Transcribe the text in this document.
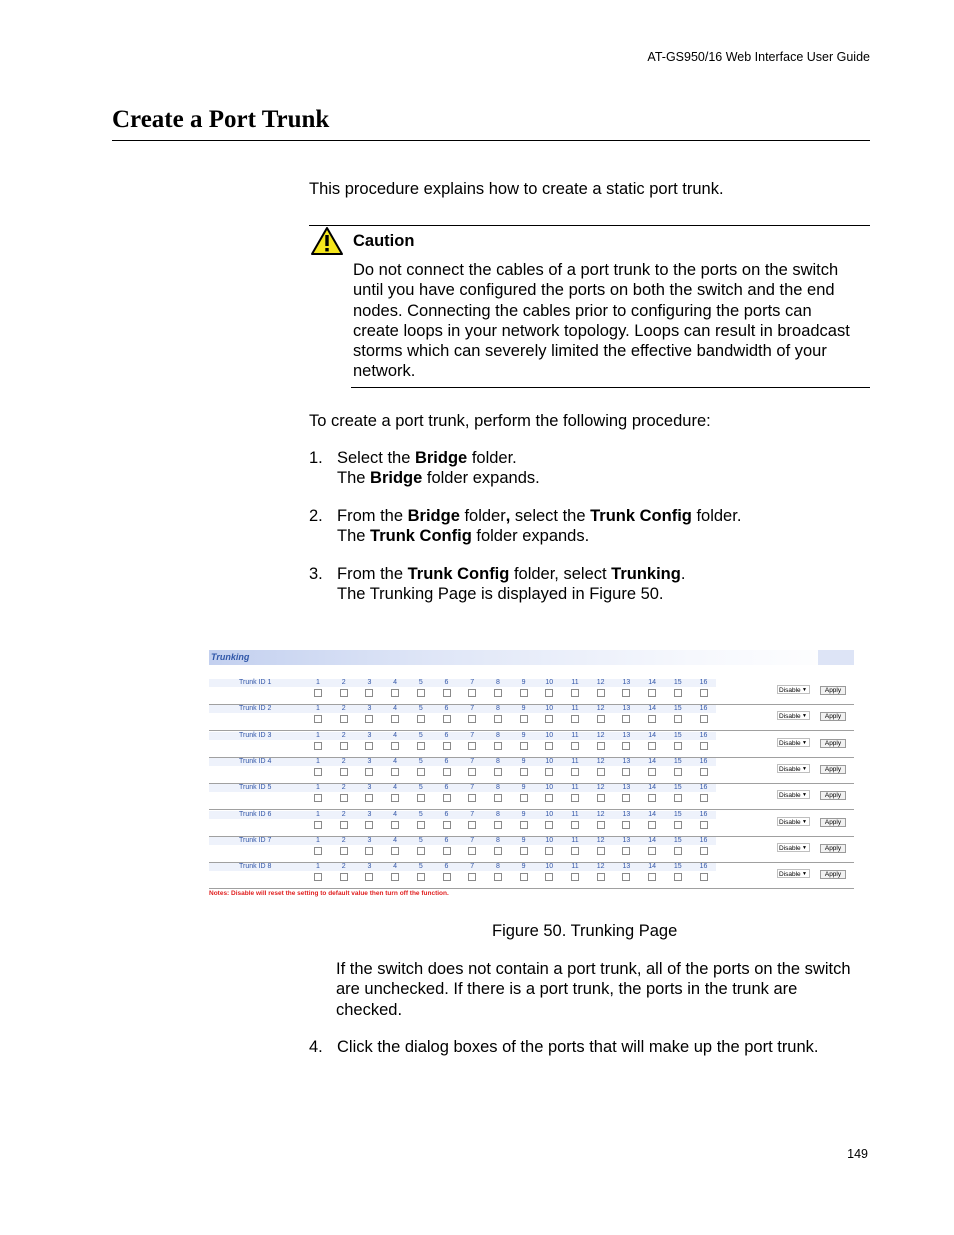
AT-GS950/16 Web Interface User Guide
Create a Port Trunk
This procedure explains how to create a static port trunk.
Caution
Do not connect the cables of a port trunk to the ports on the switch
until you have configured the ports on both the switch and the end
nodes. Connecting the cables prior to configuring the ports can
create loops in your network topology. Loops can result in broadcast
storms which can severely limited the effective bandwidth of your
network.
To create a port trunk, perform the following procedure:
1. Select the Bridge folder.
The Bridge folder expands.
2. From the Bridge folder, select the Trunk Config folder.
The Trunk Config folder expands.
3. From the Trunk Config folder, select Trunking.
The Trunking Page is displayed in Figure 50.
Trunking
Trunk ID 1	1	2	3	4	5	6	7	8	9	10	11	12	13	14	15	16
Disable ▼	Apply
Trunk ID 2	1	2	3	4	5	6	7	8	9	10	11	12	13	14	15	16
Disable ▼	Apply
Trunk ID 3	1	2	3	4	5	6	7	8	9	10	11	12	13	14	15	16
Disable ▼	Apply
Trunk ID 4	1	2	3	4	5	6	7	8	9	10	11	12	13	14	15	16
Disable ▼	Apply
Trunk ID 5	1	2	3	4	5	6	7	8	9	10	11	12	13	14	15	16
Disable ▼	Apply
Trunk ID 6	1	2	3	4	5	6	7	8	9	10	11	12	13	14	15	16
Disable ▼	Apply
Trunk ID 7	1	2	3	4	5	6	7	8	9	10	11	12	13	14	15	16
Disable ▼	Apply
Trunk ID 8	1	2	3	4	5	6	7	8	9	10	11	12	13	14	15	16
Disable ▼	Apply
Notes: Disable will reset the setting to default value then turn off the function.
Figure 50. Trunking Page
If the switch does not contain a port trunk, all of the ports on the switch
are unchecked. If there is a port trunk, the ports in the trunk are
checked.
4. Click the dialog boxes of the ports that will make up the port trunk.
149
